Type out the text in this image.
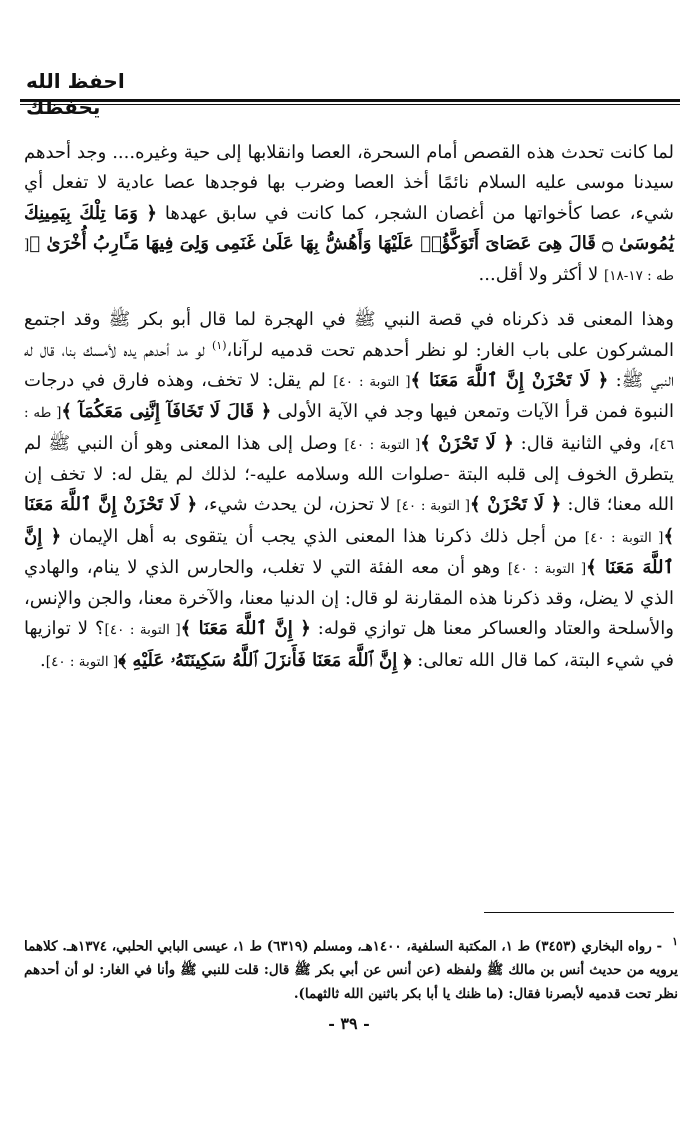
احفظ الله يحفظك

لما كانت تحدث هذه القصص أمام السحرة، العصا وانقلابها إلى حية وغيره.... وجد أحدهم سيدنا موسى عليه السلام نائمًا أخذ العصا وضرب بها فوجدها عصا عادية لا تفعل أي شيء، عصا كأخواتها من أغصان الشجر، كما كانت في سابق عهدها ﴿ وَمَا تِلْكَ بِيَمِينِكَ يَٰمُوسَىٰ ۝ قَالَ هِىَ عَصَاىَ أَتَوَكَّؤُا۟ عَلَيْهَا وَأَهُشُّ بِهَا عَلَىٰ غَنَمِى وَلِىَ فِيهَا مَـَٔارِبُ أُخْرَىٰ ﴾[ طه : ١٧-١٨] لا أكثر ولا أقل...

وهذا المعنى قد ذكرناه في قصة النبي ﷺ في الهجرة لما قال أبو بكر ﷺ وقد اجتمع المشركون على باب الغار: لو نظر أحدهم تحت قدميه لرآنا،$^{(١)}$ لو مد أحدهم يده لأمسك بنا، قال له النبي ﷺ: ﴿ لَا تَحْزَنْ إِنَّ ٱللَّهَ مَعَنَا ﴾[ التوبة : ٤٠] لم يقل: لا تخف، وهذه فارق في درجات النبوة فمن قرأ الآيات وتمعن فيها وجد في الآية الأولى ﴿ قَالَ لَا تَخَافَآ إِنَّنِى مَعَكُمَآ ﴾[ طه : ٤٦]، وفي الثانية قال: ﴿ لَا تَحْزَنْ ﴾[ التوبة : ٤٠] وصل إلى هذا المعنى وهو أن النبي ﷺ لم يتطرق الخوف إلى قلبه البتة -صلوات الله وسلامه عليه-؛ لذلك لم يقل له: لا تخف إن الله معنا؛ قال: ﴿ لَا تَحْزَنْ ﴾[ التوبة : ٤٠] لا تحزن، لن يحدث شيء، ﴿ لَا تَحْزَنْ إِنَّ ٱللَّهَ مَعَنَا ﴾[ التوبة : ٤٠] من أجل ذلك ذكرنا هذا المعنى الذي يجب أن يتقوى به أهل الإيمان ﴿ إِنَّ ٱللَّهَ مَعَنَا ﴾[ التوبة : ٤٠] وهو أن معه الفئة التي لا تغلب، والحارس الذي لا ينام، والهادي الذي لا يضل، وقد ذكرنا هذه المقارنة لو قال: إن الدنيا معنا، والآخرة معنا، والجن والإنس، والأسلحة والعتاد والعساكر معنا هل توازي قوله: ﴿ إِنَّ ٱللَّهَ مَعَنَا ﴾[ التوبة : ٤٠]؟ لا توازيها في شيء البتة، كما قال الله تعالى: ﴿ إِنَّ ٱللَّهَ مَعَنَا فَأَنزَلَ ٱللَّهُ سَكِينَتَهُۥ عَلَيْهِ ﴾[ التوبة : ٤٠].

$^١$- رواه البخاري (٣٤٥٣) ط ١، المكتبة السلفية، ١٤٠٠هـ، ومسلم (٦٣١٩) ط ١، عيسى البابي الحلبي، ١٣٧٤هـ. كلاهما يرويه من حديث أنس بن مالك ﷺ ولفظه (عن أنس عن أبي بكر ﷺ قال: قلت للنبي ﷺ وأنا في الغار: لو أن أحدهم نظر تحت قدميه لأبصرنا فقال: (ما ظنك يا أبا بكر باثنين الله ثالثهما).
- ٣٩ -
